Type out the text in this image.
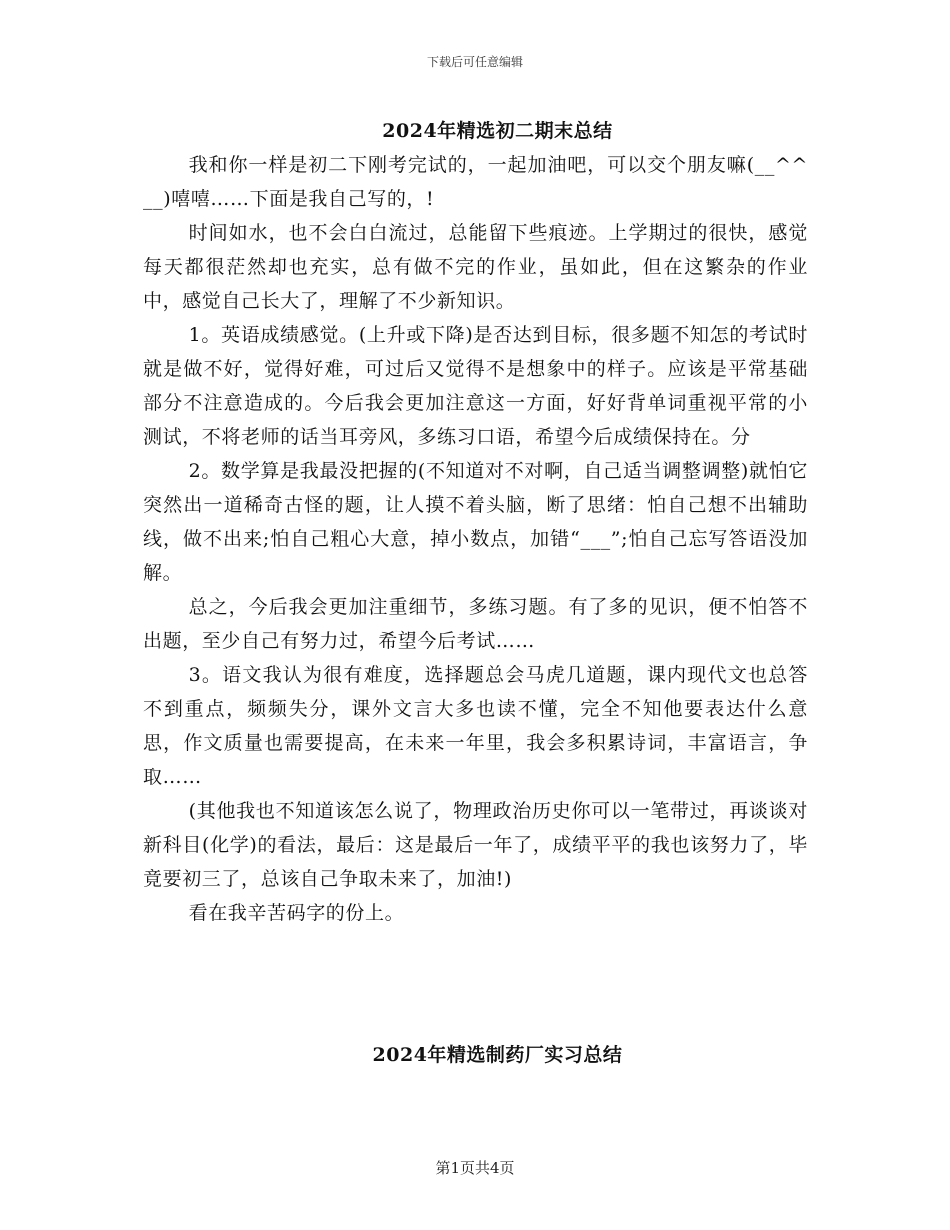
下载后可任意编辑
2024年精选初二期末总结

我和你一样是初二下刚考完试的，一起加油吧，可以交个朋友嘛(__^^__)嘻嘻……下面是我自己写的，!

时间如水，也不会白白流过，总能留下些痕迹。上学期过的很快，感觉每天都很茫然却也充实，总有做不完的作业，虽如此，但在这繁杂的作业中，感觉自己长大了，理解了不少新知识。

1。英语成绩感觉。(上升或下降)是否达到目标，很多题不知怎的考试时就是做不好，觉得好难，可过后又觉得不是想象中的样子。应该是平常基础部分不注意造成的。今后我会更加注意这一方面，好好背单词重视平常的小测试，不将老师的话当耳旁风，多练习口语，希望今后成绩保持在。分

2。数学算是我最没把握的(不知道对不对啊，自己适当调整调整)就怕它突然出一道稀奇古怪的题，让人摸不着头脑，断了思绪：怕自己想不出辅助线，做不出来;怕自己粗心大意，掉小数点，加错“___”;怕自己忘写答语没加解。

总之，今后我会更加注重细节，多练习题。有了多的见识，便不怕答不出题，至少自己有努力过，希望今后考试……

3。语文我认为很有难度，选择题总会马虎几道题，课内现代文也总答不到重点，频频失分，课外文言大多也读不懂，完全不知他要表达什么意思，作文质量也需要提高，在未来一年里，我会多积累诗词，丰富语言，争取……

(其他我也不知道该怎么说了，物理政治历史你可以一笔带过，再谈谈对新科目(化学)的看法，最后：这是最后一年了，成绩平平的我也该努力了，毕竟要初三了，总该自己争取未来了，加油!)

看在我辛苦码字的份上。

2024年精选制药厂实习总结
第1页共4页
